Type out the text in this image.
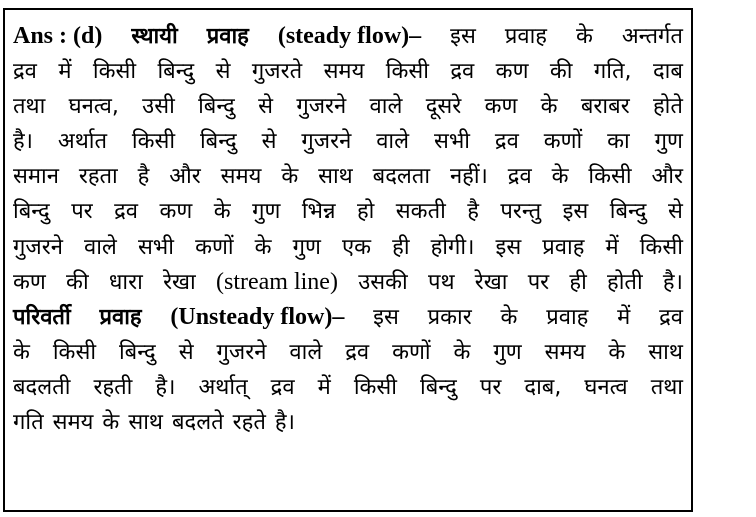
Ans : (d) स्थायी प्रवाह (steady flow)– इस प्रवाह के अन्तर्गत
द्रव में किसी बिन्दु से गुजरते समय किसी द्रव कण की गति, दाब
तथा घनत्व, उसी बिन्दु से गुजरने वाले दूसरे कण के बराबर होते
है। अर्थात किसी बिन्दु से गुजरने वाले सभी द्रव कणों का गुण
समान रहता है और समय के साथ बदलता नहीं। द्रव के किसी और
बिन्दु पर द्रव कण के गुण भिन्न हो सकती है परन्तु इस बिन्दु से
गुजरने वाले सभी कणों के गुण एक ही होगी। इस प्रवाह में किसी
कण की धारा रेखा (stream line) उसकी पथ रेखा पर ही होती है।
परिवर्ती प्रवाह (Unsteady flow)– इस प्रकार के प्रवाह में द्रव
के किसी बिन्दु से गुजरने वाले द्रव कणों के गुण समय के साथ
बदलती रहती है। अर्थात् द्रव में किसी बिन्दु पर दाब, घनत्व तथा
गति समय के साथ बदलते रहते है।
